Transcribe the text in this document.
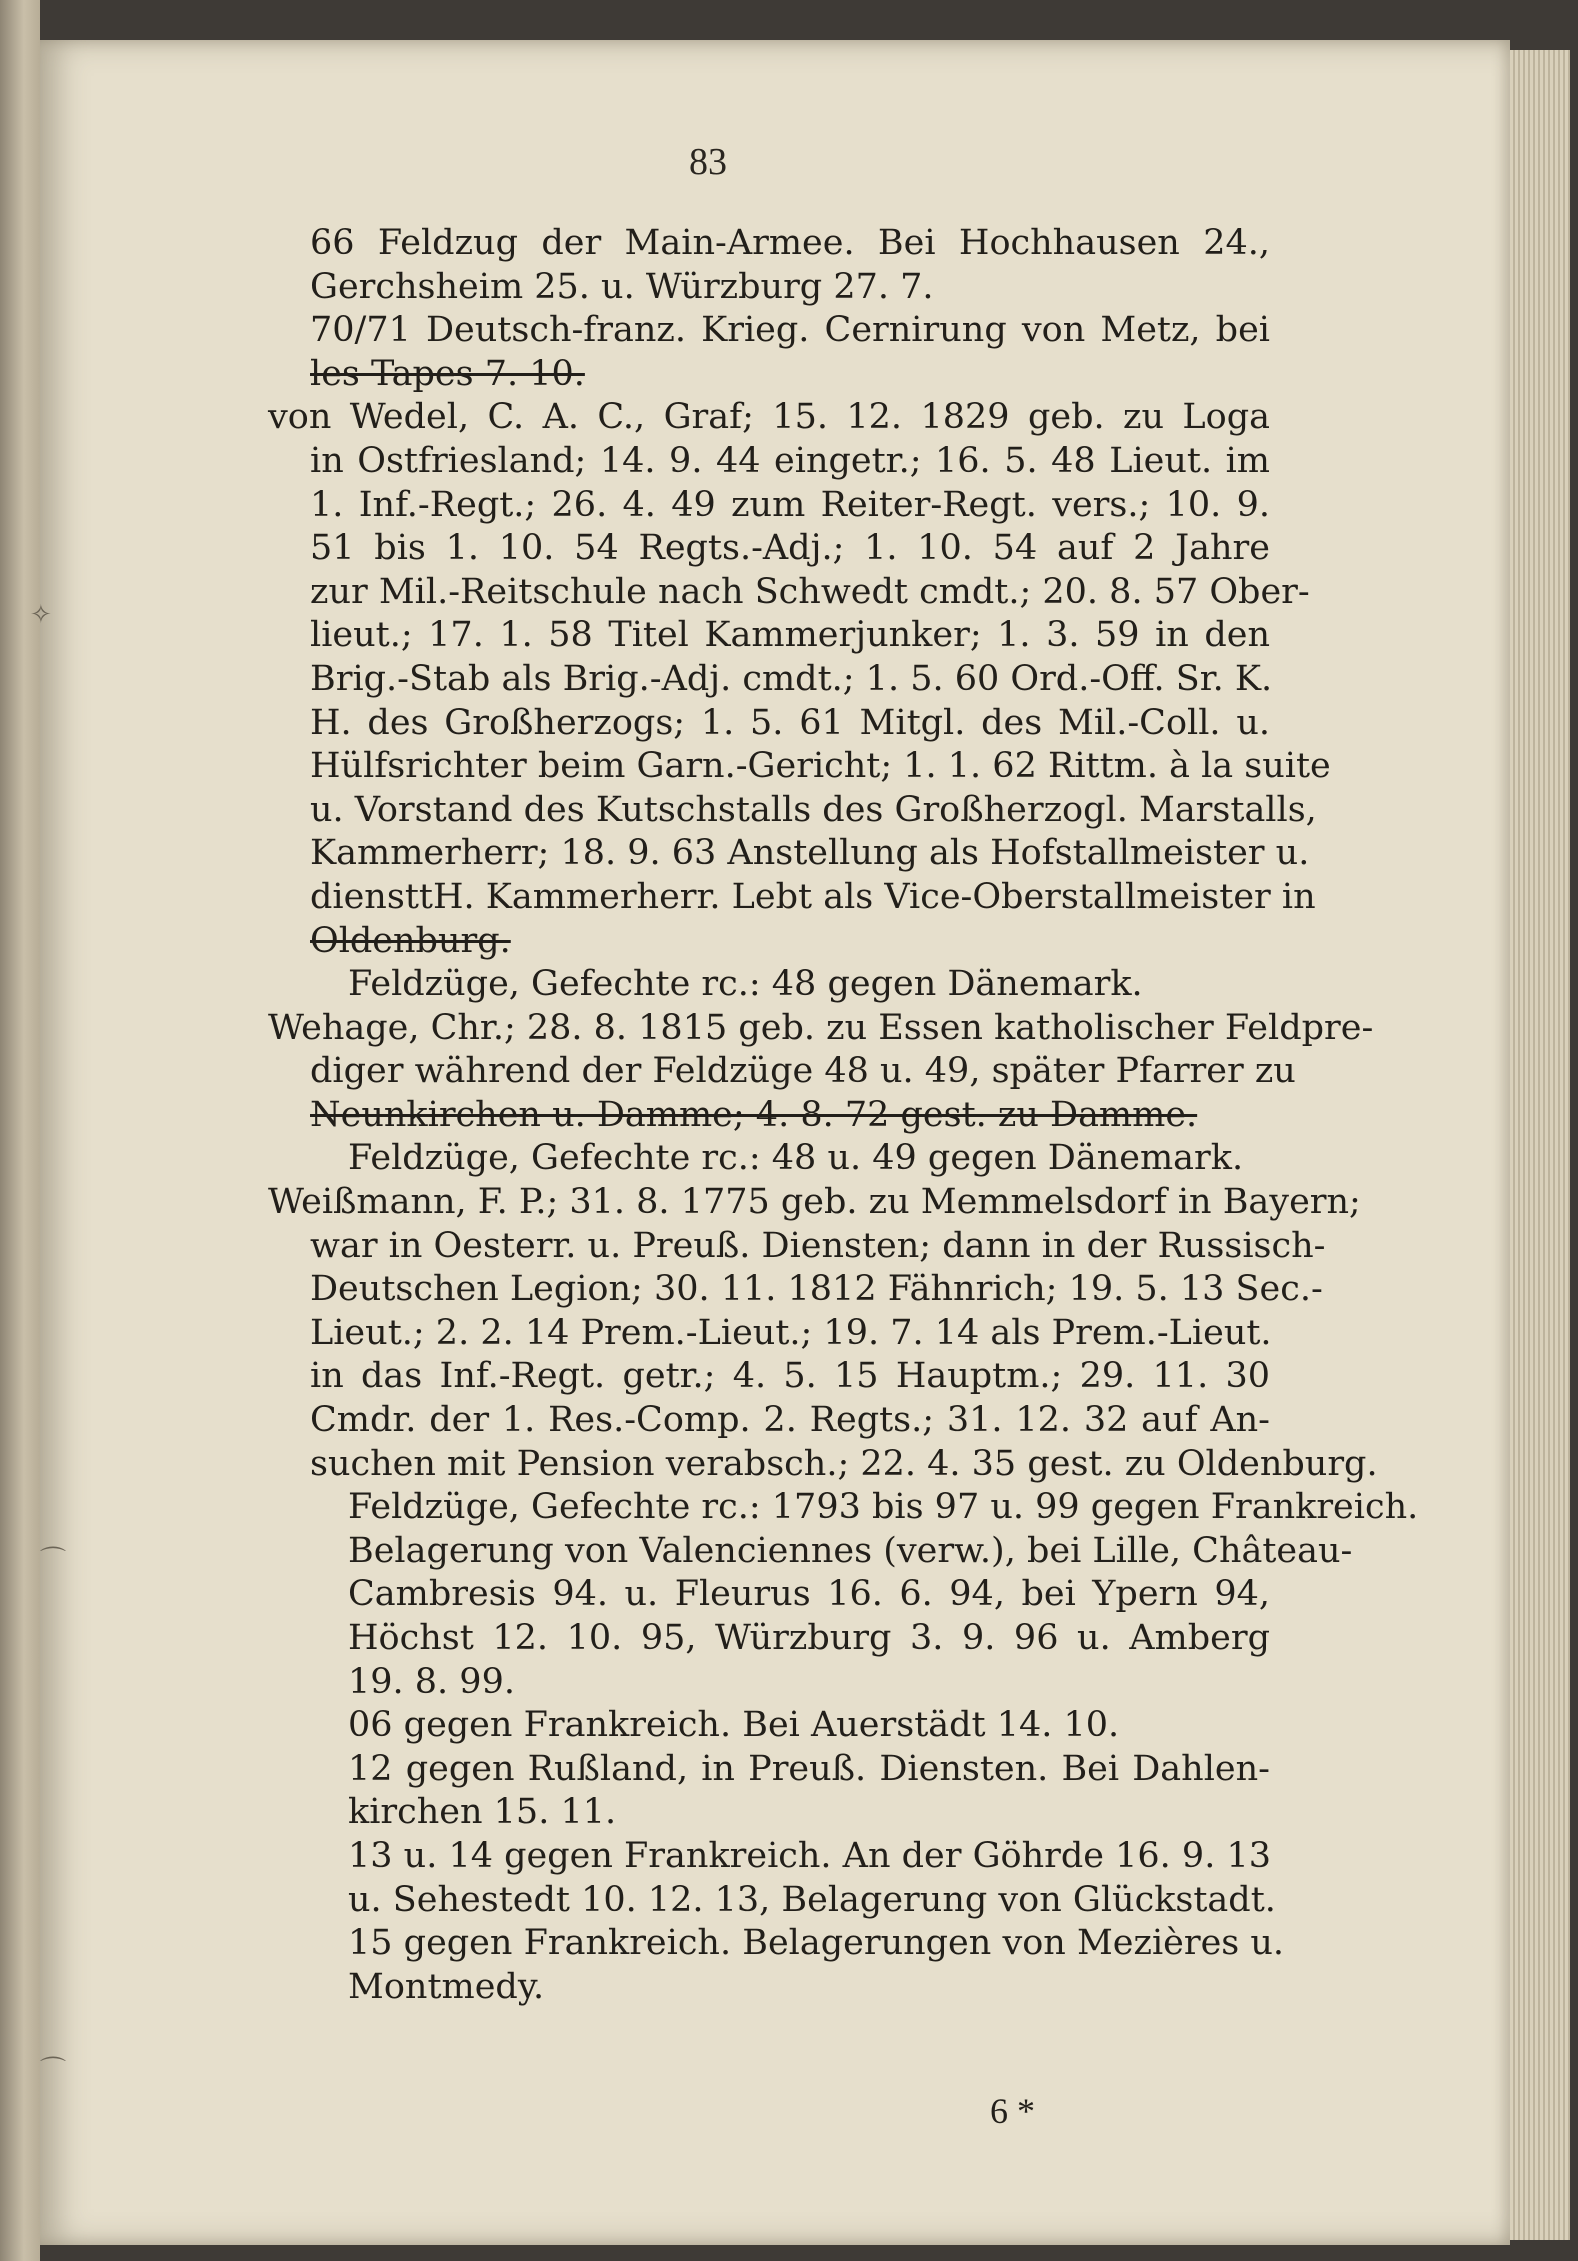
✧
⌒
⌒
83
66 Feldzug der Main-Armee. Bei Hochhausen 24.,
Gerchsheim 25. u. Würzburg 27. 7.
70/71 Deutsch-franz. Krieg. Cernirung von Metz, bei
les Tapes 7. 10.
von Wedel, C. A. C., Graf; 15. 12. 1829 geb. zu Loga
in Ostfriesland; 14. 9. 44 eingetr.; 16. 5. 48 Lieut. im
1. Inf.-Regt.; 26. 4. 49 zum Reiter-Regt. vers.; 10. 9.
51 bis 1. 10. 54 Regts.-Adj.; 1. 10. 54 auf 2 Jahre
zur Mil.-Reitschule nach Schwedt cmdt.; 20. 8. 57 Ober-
lieut.; 17. 1. 58 Titel Kammerjunker; 1. 3. 59 in den
Brig.-Stab als Brig.-Adj. cmdt.; 1. 5. 60 Ord.-Off. Sr. K.
H. des Großherzogs; 1. 5. 61 Mitgl. des Mil.-Coll. u.
Hülfsrichter beim Garn.-Gericht; 1. 1. 62 Rittm. à la suite
u. Vorstand des Kutschstalls des Großherzogl. Marstalls,
Kammerherr; 18. 9. 63 Anstellung als Hofstallmeister u.
diensttH. Kammerherr. Lebt als Vice-Oberstallmeister in
Oldenburg.
Feldzüge, Gefechte rc.: 48 gegen Dänemark.
Wehage, Chr.; 28. 8. 1815 geb. zu Essen katholischer Feldpre-
diger während der Feldzüge 48 u. 49, später Pfarrer zu
Neunkirchen u. Damme; 4. 8. 72 gest. zu Damme.
Feldzüge, Gefechte rc.: 48 u. 49 gegen Dänemark.
Weißmann, F. P.; 31. 8. 1775 geb. zu Memmelsdorf in Bayern;
war in Oesterr. u. Preuß. Diensten; dann in der Russisch-
Deutschen Legion; 30. 11. 1812 Fähnrich; 19. 5. 13 Sec.-
Lieut.; 2. 2. 14 Prem.-Lieut.; 19. 7. 14 als Prem.-Lieut.
in das Inf.-Regt. getr.; 4. 5. 15 Hauptm.; 29. 11. 30
Cmdr. der 1. Res.-Comp. 2. Regts.; 31. 12. 32 auf An-
suchen mit Pension verabsch.; 22. 4. 35 gest. zu Oldenburg.
Feldzüge, Gefechte rc.: 1793 bis 97 u. 99 gegen Frankreich.
Belagerung von Valenciennes (verw.), bei Lille, Château-
Cambresis 94. u. Fleurus 16. 6. 94, bei Ypern 94,
Höchst 12. 10. 95, Würzburg 3. 9. 96 u. Amberg
19. 8. 99.
06 gegen Frankreich. Bei Auerstädt 14. 10.
12 gegen Rußland, in Preuß. Diensten. Bei Dahlen-
kirchen 15. 11.
13 u. 14 gegen Frankreich. An der Göhrde 16. 9. 13
u. Sehestedt 10. 12. 13, Belagerung von Glückstadt.
15 gegen Frankreich. Belagerungen von Mezières u.
Montmedy.
6 *
